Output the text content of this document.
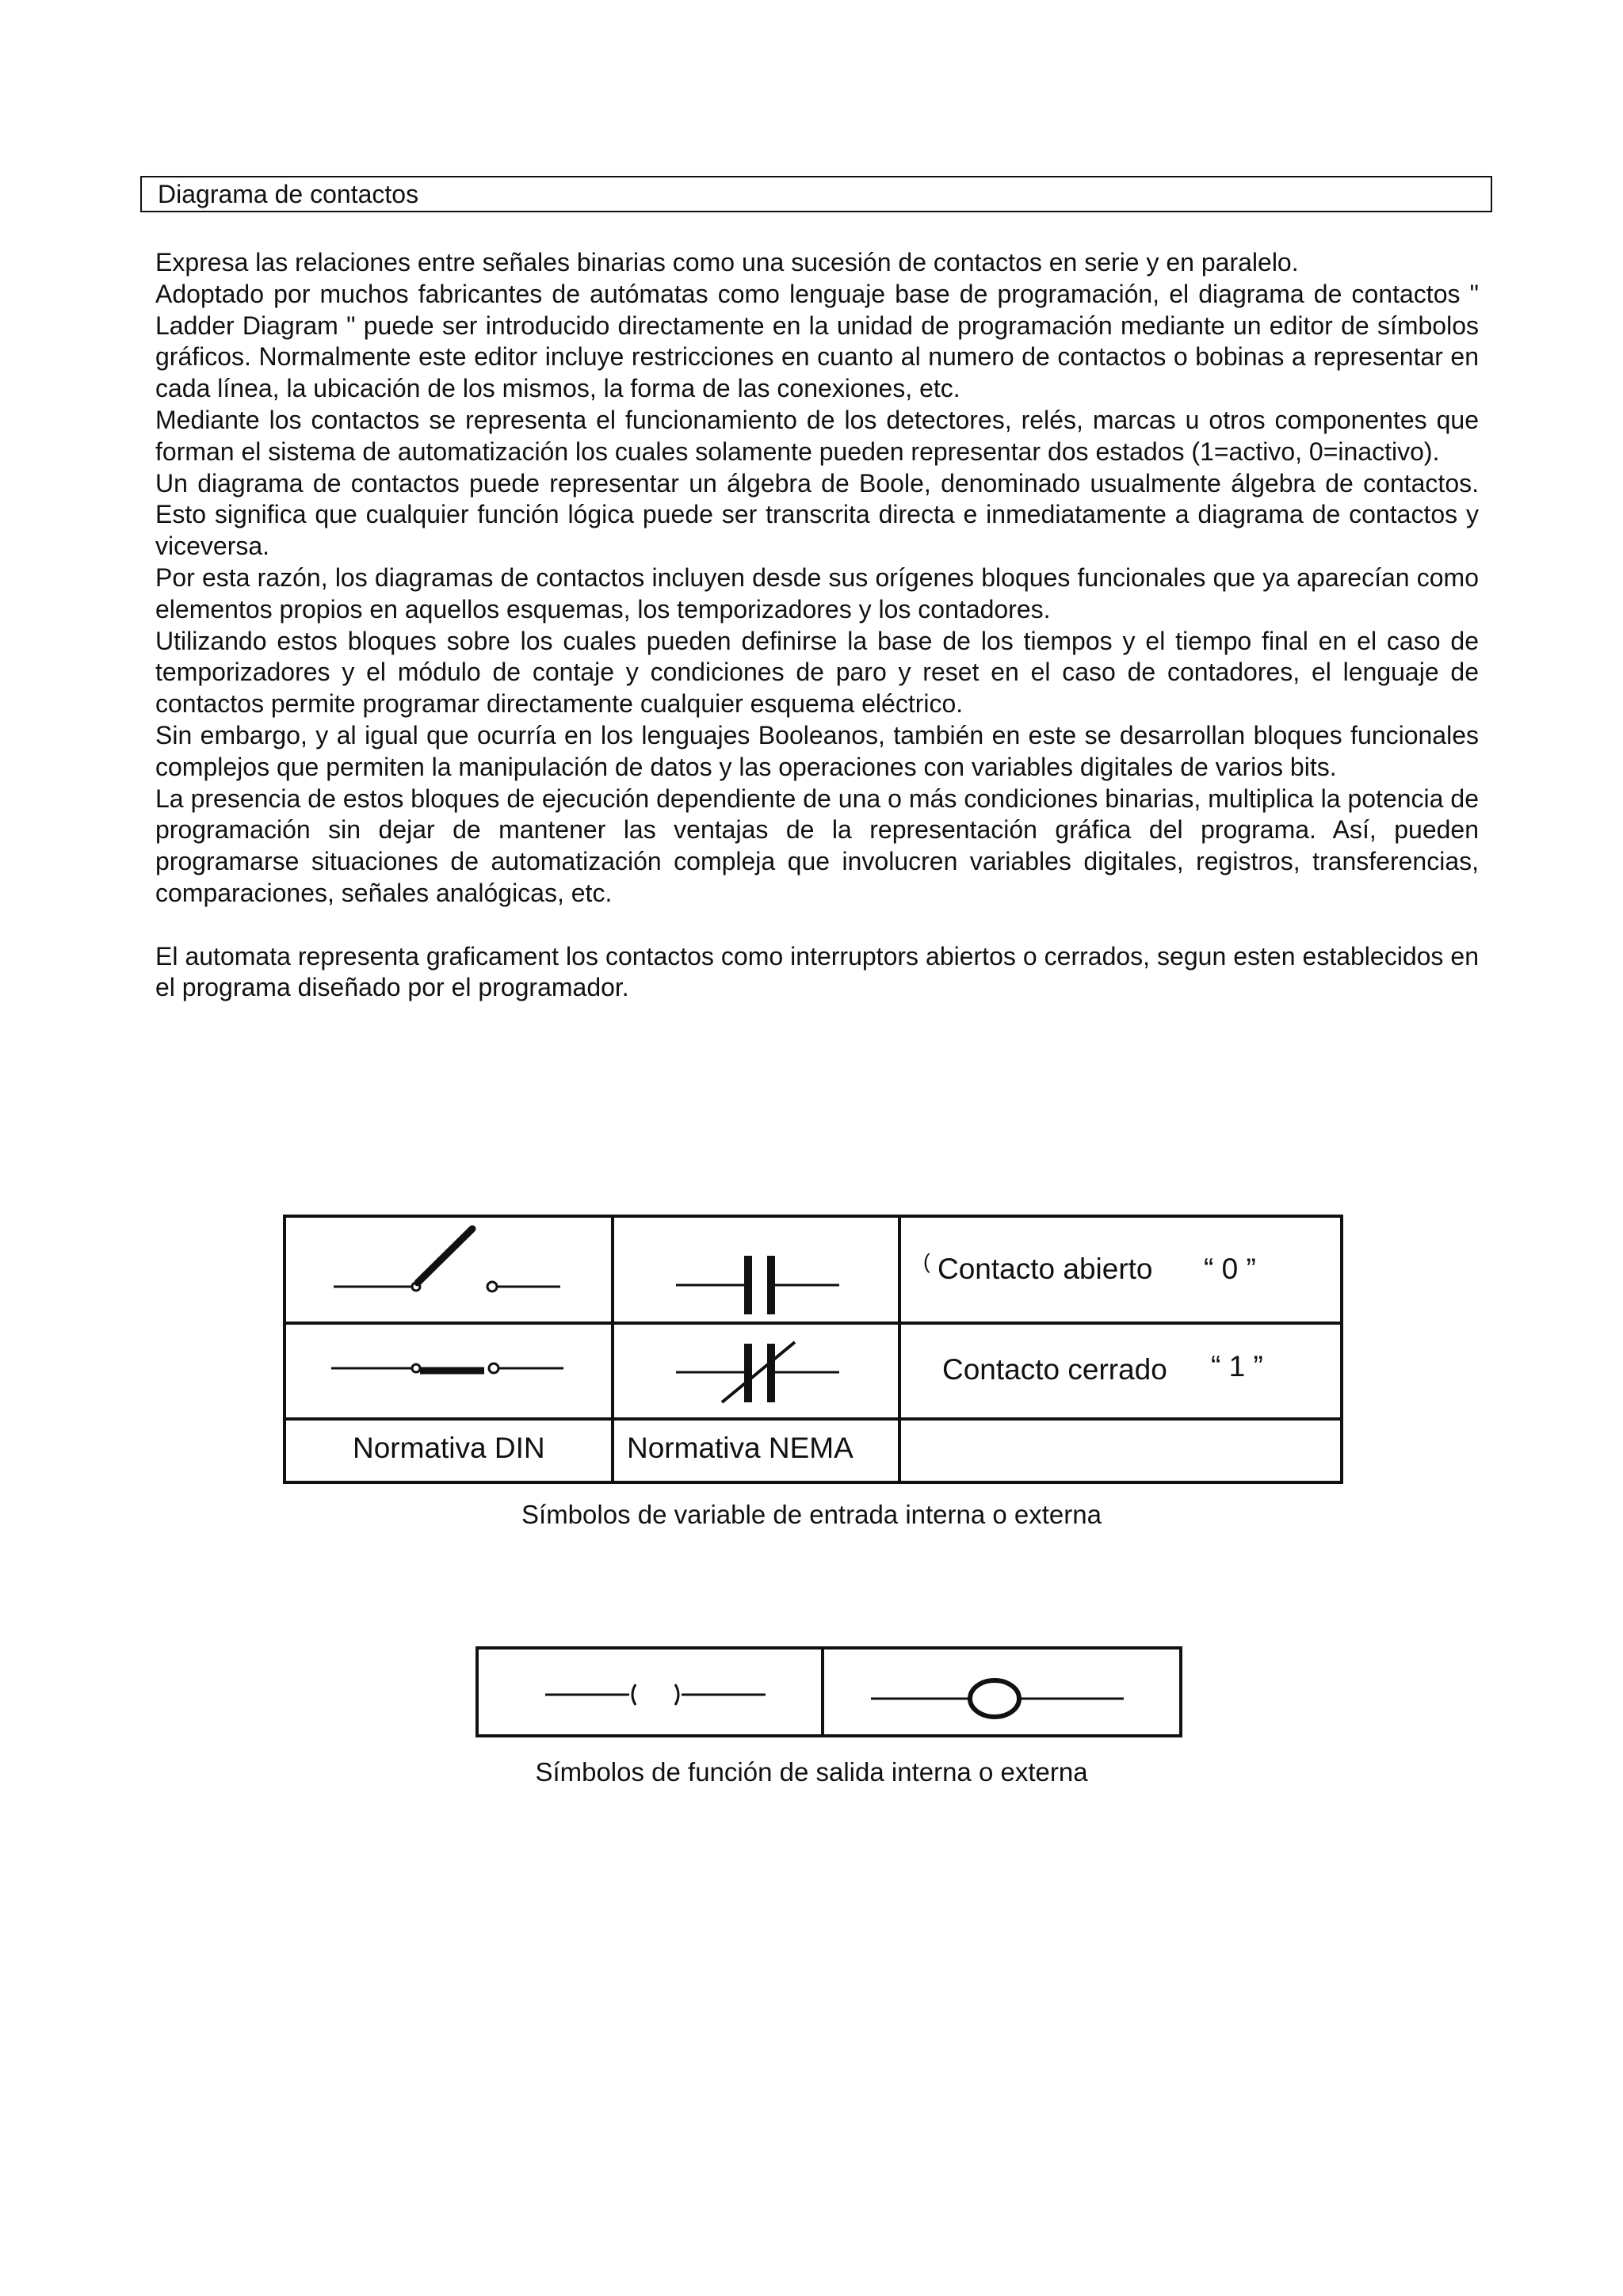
Diagrama de contactos

Expresa las relaciones entre señales binarias como una sucesión de contactos en serie y en paralelo.

Adoptado por muchos fabricantes de autómatas como lenguaje base de programación, el diagrama de contactos " Ladder Diagram " puede ser introducido directamente en la unidad de programación mediante un editor de símbolos gráficos. Normalmente este editor incluye restricciones en cuanto al numero de contactos o bobinas a representar en cada línea, la ubicación de los mismos, la forma de las conexiones, etc.

Mediante los contactos se representa el funcionamiento de los detectores, relés, marcas u otros componentes que forman el sistema de automatización los cuales solamente pueden representar dos estados (1=activo, 0=inactivo).

Un diagrama de contactos puede representar un álgebra de Boole, denominado usualmente álgebra de contactos. Esto significa que cualquier función lógica puede ser transcrita directa e inmediatamente a diagrama de contactos y viceversa.

Por esta razón, los diagramas de contactos incluyen desde sus orígenes bloques funcionales que ya aparecían como elementos propios en aquellos esquemas, los temporizadores y los contadores.

Utilizando estos bloques sobre los cuales pueden definirse la base de los tiempos y el tiempo final en el caso de temporizadores y el módulo de contaje y condiciones de paro y reset en el caso de contadores, el lenguaje de contactos permite programar directamente cualquier esquema eléctrico.

Sin embargo, y al igual que ocurría en los lenguajes Booleanos, también en este se desarrollan bloques funcionales complejos que permiten la manipulación de datos y las operaciones con variables digitales de varios bits.

La presencia de estos bloques de ejecución dependiente de una o más condiciones binarias, multiplica la potencia de programación sin dejar de mantener las ventajas de la representación gráfica del programa. Así, pueden programarse situaciones de automatización compleja que involucren variables digitales, registros, transferencias, comparaciones, señales analógicas, etc.

El automata representa graficament los contactos como interruptors abiertos o cerrados, segun esten establecidos en el programa diseñado por el programador.

( Contacto abierto “ 0 ”
Contacto cerrado “ 1 ”
Normativa DIN	Normativa NEMA
Símbolos de variable de entrada interna o externa
Símbolos de función de salida interna o externa
